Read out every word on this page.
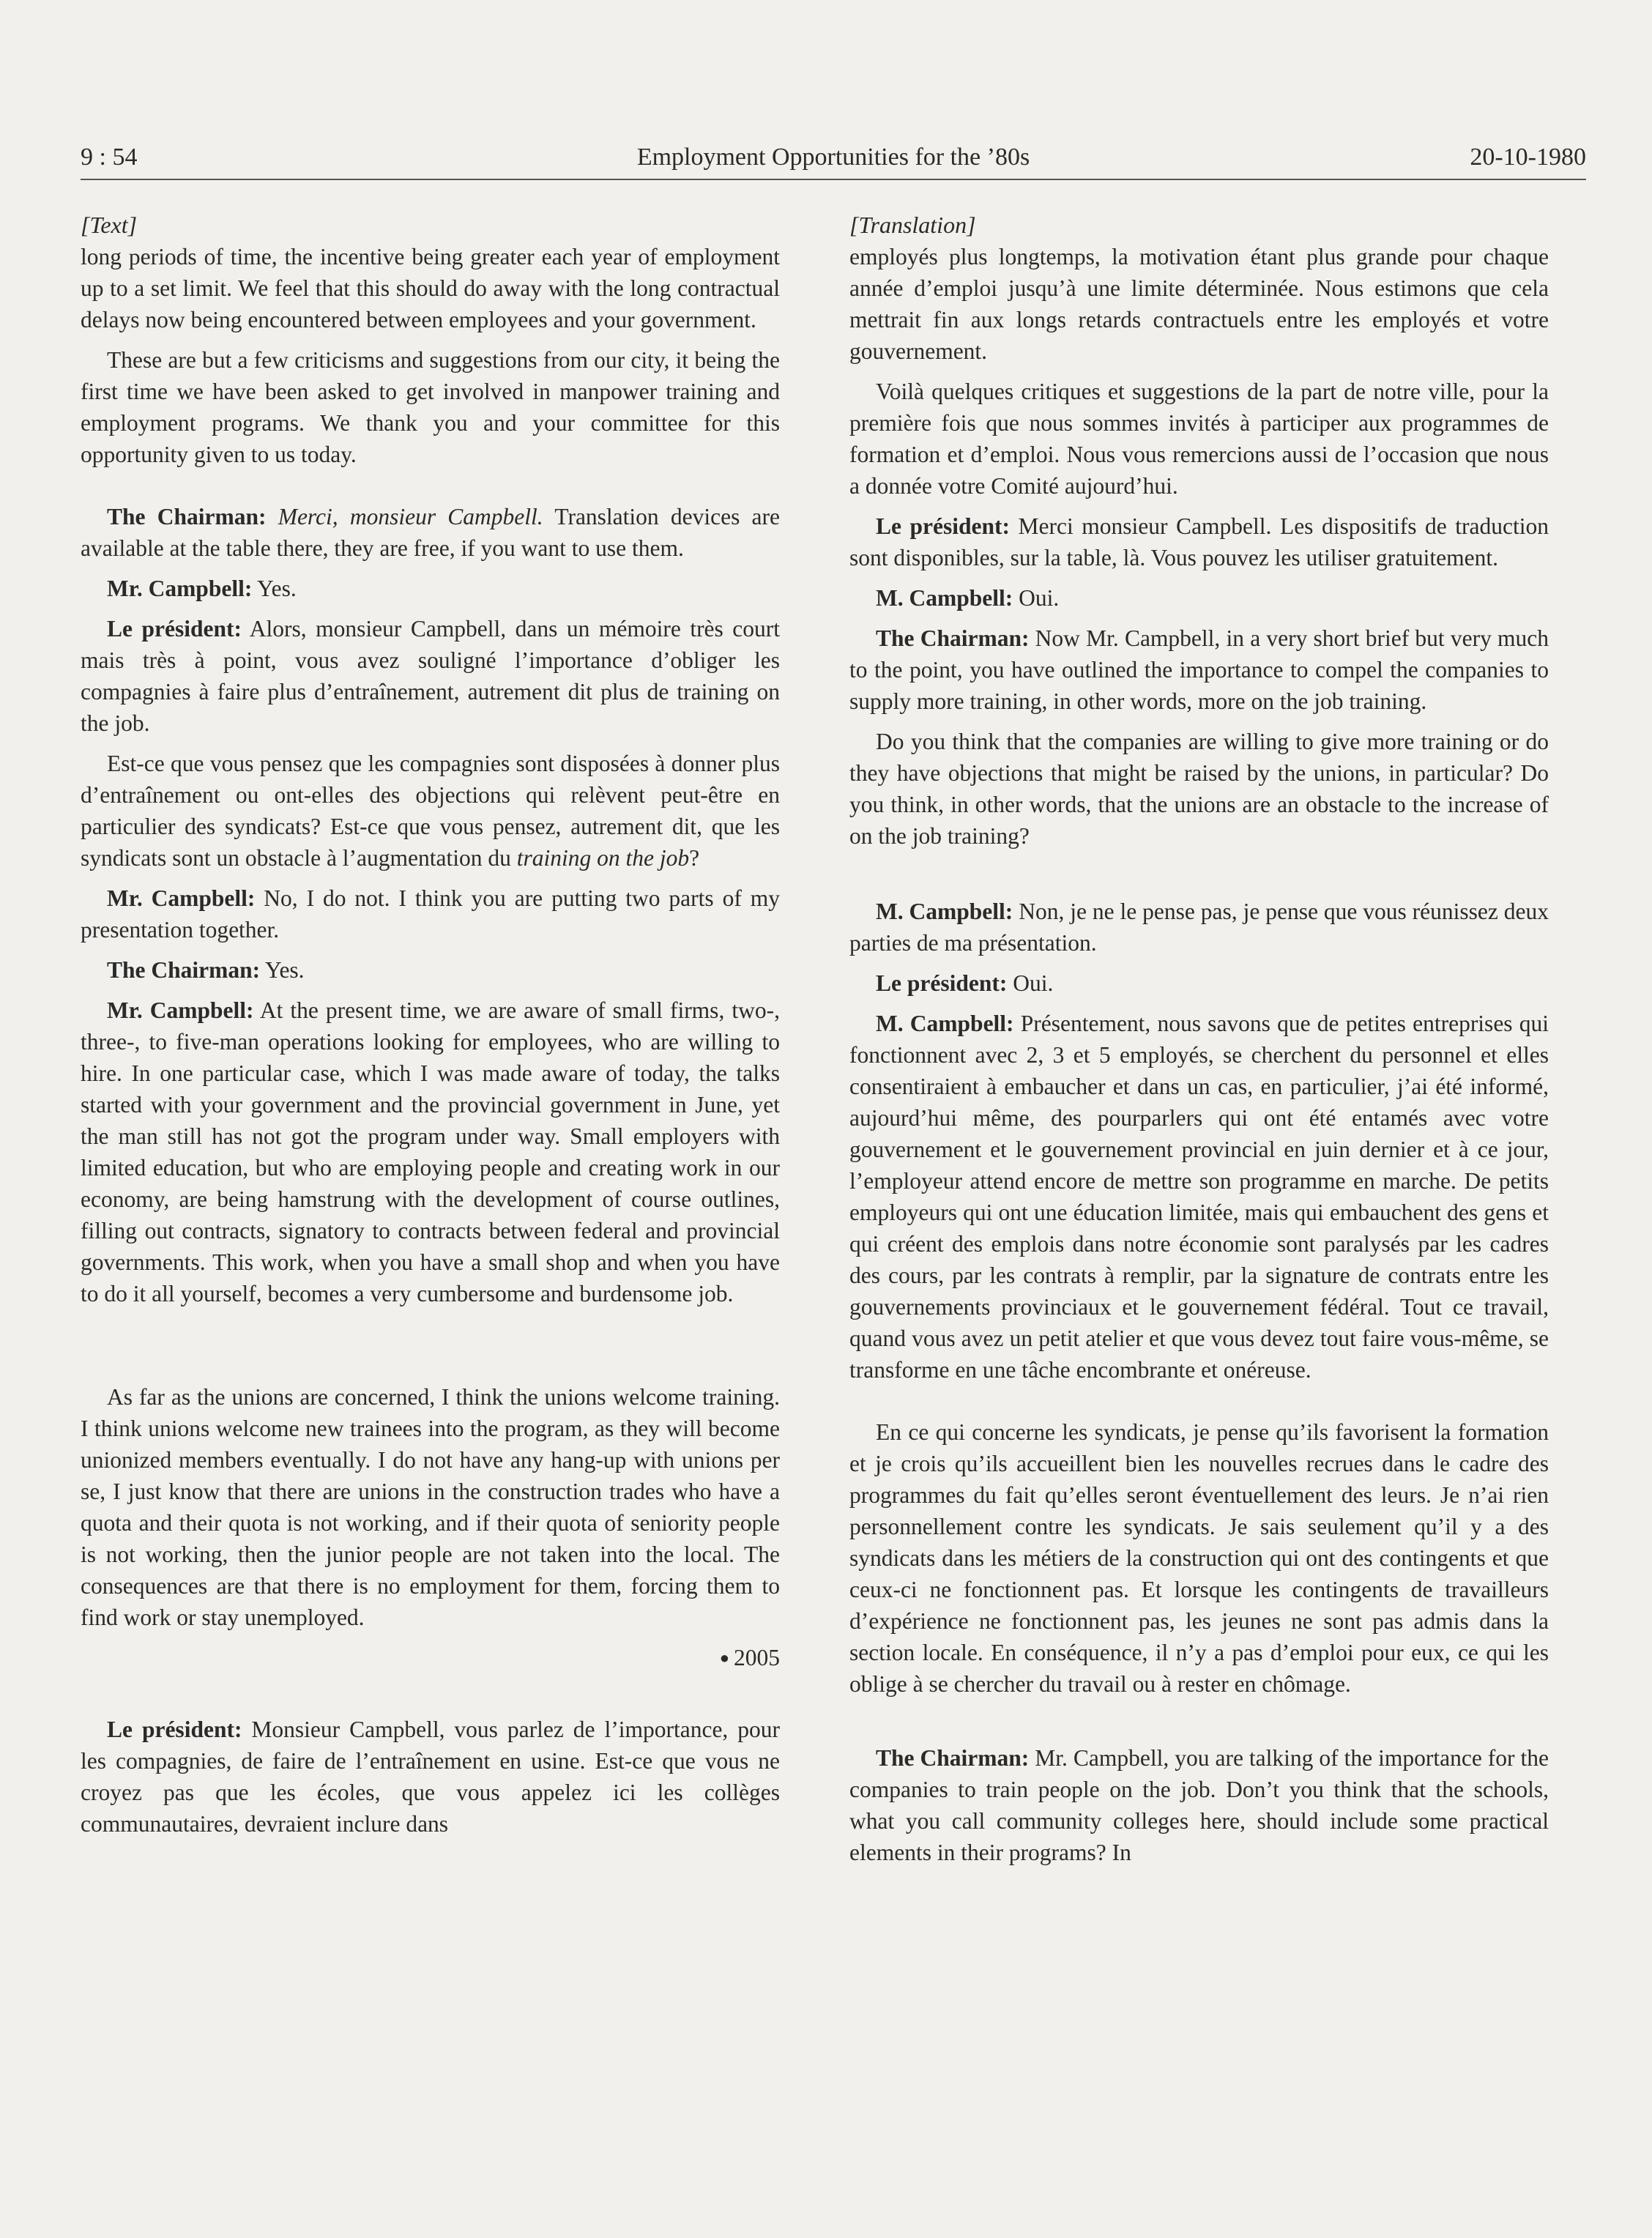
9 : 54	Employment Opportunities for the ’80s	20-10-1980

[Text]

long periods of time, the incentive being greater each year of employment up to a set limit. We feel that this should do away with the long contractual delays now being encountered between employees and your government.

These are but a few criticisms and suggestions from our city, it being the first time we have been asked to get involved in manpower training and employment programs. We thank you and your committee for this opportunity given to us today.

The Chairman: Merci, monsieur Campbell. Translation devices are available at the table there, they are free, if you want to use them.

Mr. Campbell: Yes.

Le président: Alors, monsieur Campbell, dans un mémoire très court mais très à point, vous avez souligné l’importance d’obliger les compagnies à faire plus d’entraînement, autrement dit plus de training on the job.

Est-ce que vous pensez que les compagnies sont disposées à donner plus d’entraînement ou ont-elles des objections qui relèvent peut-être en particulier des syndicats? Est-ce que vous pensez, autrement dit, que les syndicats sont un obstacle à l’augmentation du training on the job?

Mr. Campbell: No, I do not. I think you are putting two parts of my presentation together.

The Chairman: Yes.

Mr. Campbell: At the present time, we are aware of small firms, two-, three-, to five-man operations looking for employees, who are willing to hire. In one particular case, which I was made aware of today, the talks started with your government and the provincial government in June, yet the man still has not got the program under way. Small employers with limited education, but who are employing people and creating work in our economy, are being hamstrung with the development of course outlines, filling out contracts, signatory to contracts between federal and provincial governments. This work, when you have a small shop and when you have to do it all yourself, becomes a very cumbersome and burdensome job.

As far as the unions are concerned, I think the unions welcome training. I think unions welcome new trainees into the program, as they will become unionized members eventually. I do not have any hang-up with unions per se, I just know that there are unions in the construction trades who have a quota and their quota is not working, and if their quota of seniority people is not working, then the junior people are not taken into the local. The consequences are that there is no employment for them, forcing them to find work or stay unemployed.

● 2005

Le président: Monsieur Campbell, vous parlez de l’importance, pour les compagnies, de faire de l’entraînement en usine. Est-ce que vous ne croyez pas que les écoles, que vous appelez ici les collèges communautaires, devraient inclure dans

[Translation]

employés plus longtemps, la motivation étant plus grande pour chaque année d’emploi jusqu’à une limite déterminée. Nous estimons que cela mettrait fin aux longs retards contractuels entre les employés et votre gouvernement.

Voilà quelques critiques et suggestions de la part de notre ville, pour la première fois que nous sommes invités à participer aux programmes de formation et d’emploi. Nous vous remercions aussi de l’occasion que nous a donnée votre Comité aujourd’hui.

Le président: Merci monsieur Campbell. Les dispositifs de traduction sont disponibles, sur la table, là. Vous pouvez les utiliser gratuitement.

M. Campbell: Oui.

The Chairman: Now Mr. Campbell, in a very short brief but very much to the point, you have outlined the importance to compel the companies to supply more training, in other words, more on the job training.

Do you think that the companies are willing to give more training or do they have objections that might be raised by the unions, in particular? Do you think, in other words, that the unions are an obstacle to the increase of on the job training?

M. Campbell: Non, je ne le pense pas, je pense que vous réunissez deux parties de ma présentation.

Le président: Oui.

M. Campbell: Présentement, nous savons que de petites entreprises qui fonctionnent avec 2, 3 et 5 employés, se cherchent du personnel et elles consentiraient à embaucher et dans un cas, en particulier, j’ai été informé, aujourd’hui même, des pourparlers qui ont été entamés avec votre gouvernement et le gouvernement provincial en juin dernier et à ce jour, l’employeur attend encore de mettre son programme en marche. De petits employeurs qui ont une éducation limitée, mais qui embauchent des gens et qui créent des emplois dans notre économie sont paralysés par les cadres des cours, par les contrats à remplir, par la signature de contrats entre les gouvernements provinciaux et le gouvernement fédéral. Tout ce travail, quand vous avez un petit atelier et que vous devez tout faire vous-même, se transforme en une tâche encombrante et onéreuse.

En ce qui concerne les syndicats, je pense qu’ils favorisent la formation et je crois qu’ils accueillent bien les nouvelles recrues dans le cadre des programmes du fait qu’elles seront éventuellement des leurs. Je n’ai rien personnellement contre les syndicats. Je sais seulement qu’il y a des syndicats dans les métiers de la construction qui ont des contingents et que ceux-ci ne fonctionnent pas. Et lorsque les contingents de travailleurs d’expérience ne fonctionnent pas, les jeunes ne sont pas admis dans la section locale. En conséquence, il n’y a pas d’emploi pour eux, ce qui les oblige à se chercher du travail ou à rester en chômage.

The Chairman: Mr. Campbell, you are talking of the importance for the companies to train people on the job. Don’t you think that the schools, what you call community colleges here, should include some practical elements in their programs? In
